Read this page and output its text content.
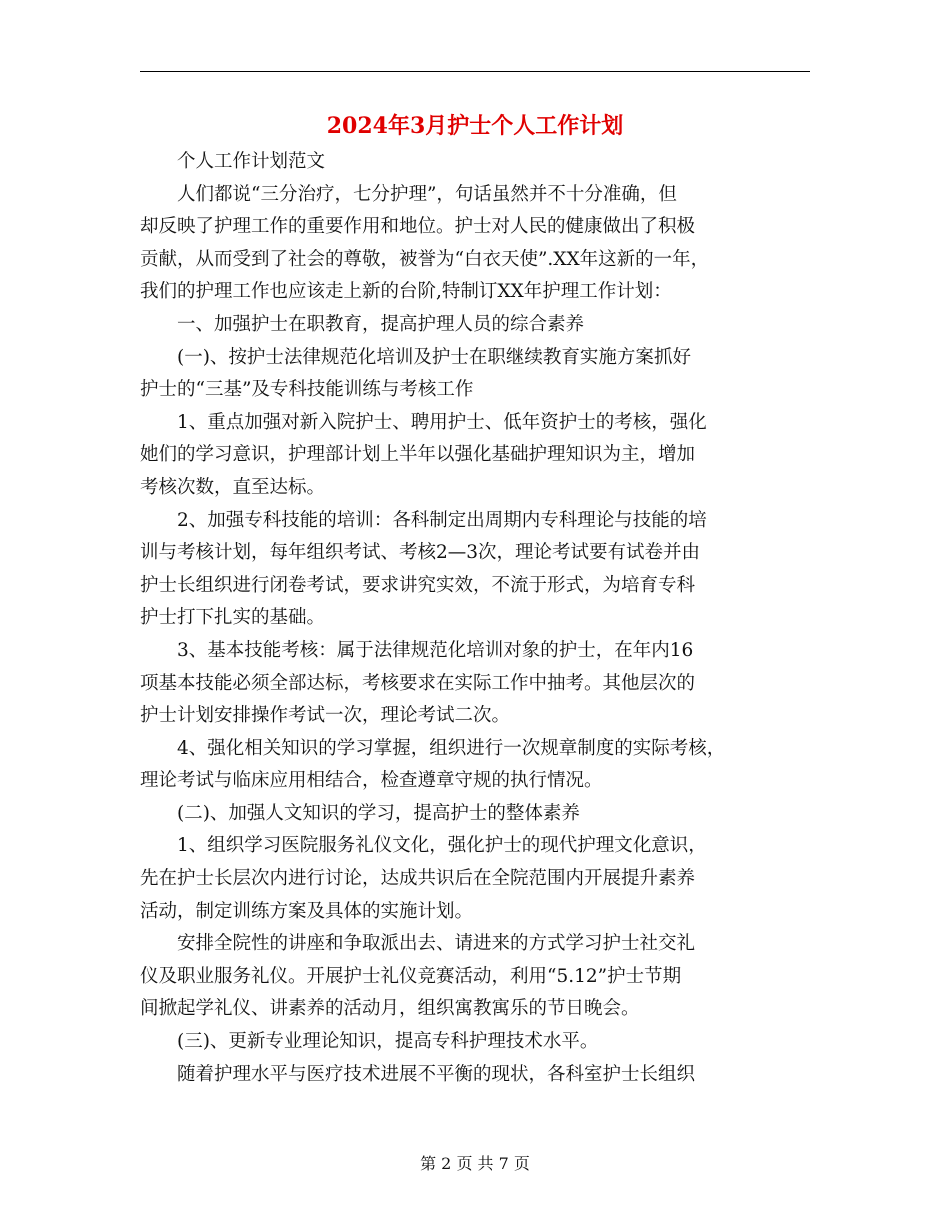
2024年3月护士个人工作计划

　　个人工作计划范文

　　人们都说“三分治疗，七分护理”，句话虽然并不十分准确，但

却反映了护理工作的重要作用和地位。护士对人民的健康做出了积极

贡献，从而受到了社会的尊敬，被誉为“白衣天使”.XX年这新的一年，

我们的护理工作也应该走上新的台阶,特制订XX年护理工作计划：

　　一、加强护士在职教育，提高护理人员的综合素养

　　(一)、按护士法律规范化培训及护士在职继续教育实施方案抓好

护士的“三基”及专科技能训练与考核工作

　　1、重点加强对新入院护士、聘用护士、低年资护士的考核，强化

她们的学习意识，护理部计划上半年以强化基础护理知识为主，增加

考核次数，直至达标。

　　2、加强专科技能的培训：各科制定出周期内专科理论与技能的培

训与考核计划，每年组织考试、考核2—3次，理论考试要有试卷并由

护士长组织进行闭卷考试，要求讲究实效，不流于形式，为培育专科

护士打下扎实的基础。

　　3、基本技能考核：属于法律规范化培训对象的护士，在年内16

项基本技能必须全部达标，考核要求在实际工作中抽考。其他层次的

护士计划安排操作考试一次，理论考试二次。

　　4、强化相关知识的学习掌握，组织进行一次规章制度的实际考核，

理论考试与临床应用相结合，检查遵章守规的执行情况。

　　(二)、加强人文知识的学习，提高护士的整体素养

　　1、组织学习医院服务礼仪文化，强化护士的现代护理文化意识，

先在护士长层次内进行讨论，达成共识后在全院范围内开展提升素养

活动，制定训练方案及具体的实施计划。

　　安排全院性的讲座和争取派出去、请进来的方式学习护士社交礼

仪及职业服务礼仪。开展护士礼仪竞赛活动，利用“5.12”护士节期

间掀起学礼仪、讲素养的活动月，组织寓教寓乐的节日晚会。

　　(三)、更新专业理论知识，提高专科护理技术水平。

　　随着护理水平与医疗技术进展不平衡的现状，各科室护士长组织

第 2 页 共 7 页
